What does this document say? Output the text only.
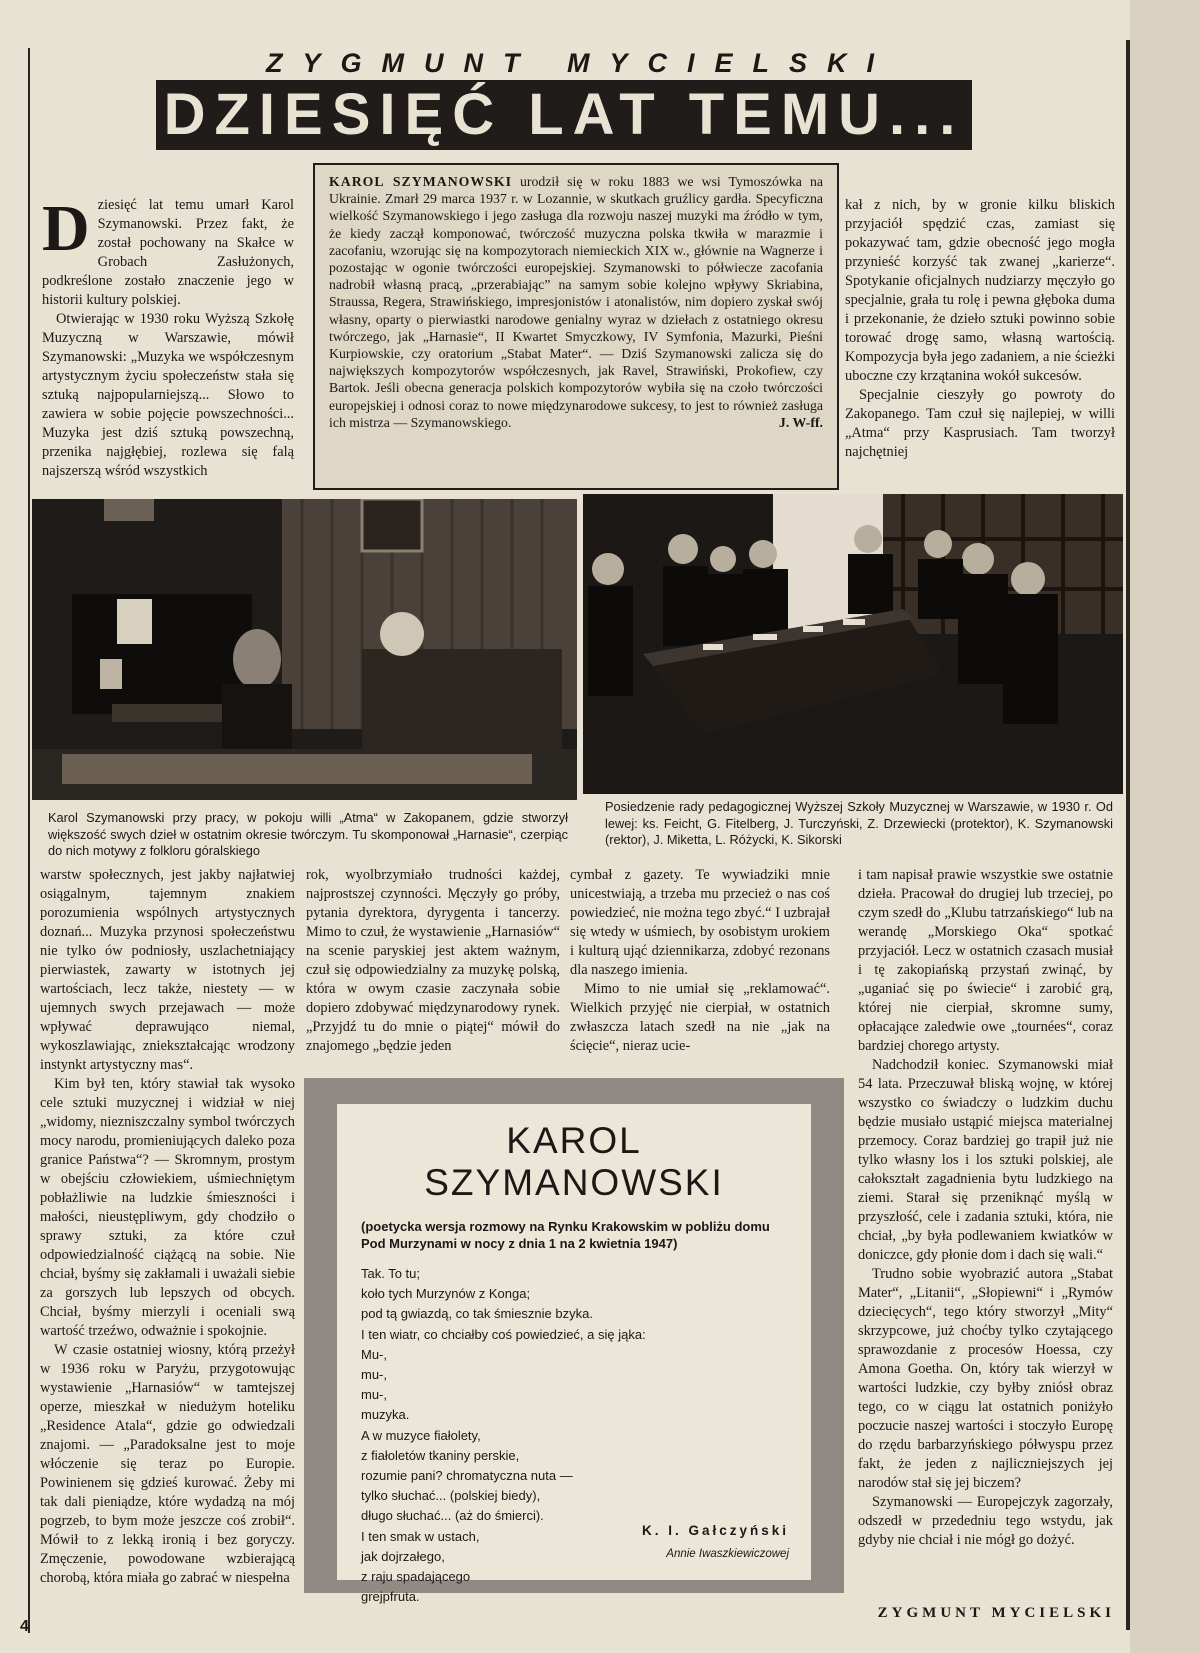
ZYGMUNT MYCIELSKI
DZIESIĘĆ LAT TEMU...

Dziesięć lat temu umarł Karol Szymanowski. Przez fakt, że został pochowany na Skałce w Grobach Zasłużonych, podkreślone zostało znaczenie jego w historii kultury polskiej.

Otwierając w 1930 roku Wyższą Szkołę Muzyczną w Warszawie, mówił Szymanowski: „Muzyka we współczesnym artystycznym życiu społeczeństw stała się sztuką najpopularniejszą... Słowo to zawiera w sobie pojęcie powszechności... Muzyka jest dziś sztuką powszechną, przenika najgłębiej, rozlewa się falą najszerszą wśród wszystkich

KAROL SZYMANOWSKI urodził się w roku 1883 we wsi Tymoszówka na Ukrainie. Zmarł 29 marca 1937 r. w Lozannie, w skutkach gruźlicy gardła. Specyficzna wielkość Szymanowskiego i jego zasługa dla rozwoju naszej muzyki ma źródło w tym, że kiedy zaczął komponować, twórczość muzyczna polska tkwiła w marazmie i zacofaniu, wzorując się na kompozytorach niemieckich XIX w., głównie na Wagnerze i pozostając w ogonie twórczości europejskiej. Szymanowski to półwiecze zacofania nadrobił własną pracą, „przerabiając” na samym sobie kolejno wpływy Skriabina, Straussa, Regera, Strawińskiego, impresjonistów i atonalistów, nim dopiero zyskał swój własny, oparty o pierwiastki narodowe genialny wyraz w dziełach z ostatniego okresu twórczego, jak „Harnasie“, II Kwartet Smyczkowy, IV Symfonia, Mazurki, Pieśni Kurpiowskie, czy oratorium „Stabat Mater“. — Dziś Szymanowski zalicza się do największych kompozytorów współczesnych, jak Ravel, Strawiński, Prokofiew, czy Bartok. Jeśli obecna generacja polskich kompozytorów wybiła się na czoło twórczości europejskiej i odnosi coraz to nowe międzynarodowe sukcesy, to jest to również zasługa ich mistrza — Szymanowskiego.	J. W-ff.

kał z nich, by w gronie kilku bliskich przyjaciół spędzić czas, zamiast się pokazywać tam, gdzie obecność jego mogła przynieść korzyść tak zwanej „karierze“. Spotykanie oficjalnych nudziarzy męczyło go specjalnie, grała tu rolę i pewna głęboka duma i przekonanie, że dzieło sztuki powinno sobie torować drogę samo, własną wartością. Kompozycja była jego zadaniem, a nie ścieżki uboczne czy krzątanina wokół sukcesów.

Specjalnie cieszyły go powroty do Zakopanego. Tam czuł się najlepiej, w willi „Atma“ przy Kasprusiach. Tam tworzył najchętniej

Karol Szymanowski przy pracy, w pokoju willi „Atma“ w Zakopanem, gdzie stworzył większość swych dzieł w ostatnim okresie twórczym. Tu skomponował „Harnasie“, czerpiąc do nich motywy z folkloru góralskiego
Posiedzenie rady pedagogicznej Wyższej Szkoły Muzycznej w Warszawie, w 1930 r. Od lewej: ks. Feicht, G. Fitelberg, J. Turczyński, Z. Drzewiecki (protektor), K. Szymanowski (rektor), J. Miketta, L. Różycki, K. Sikorski

warstw społecznych, jest jakby najłatwiej osiągalnym, tajemnym znakiem porozumienia wspólnych artystycznych doznań... Muzyka przynosi społeczeństwu nie tylko ów podniosły, uszlachetniający pierwiastek, zawarty w istotnych jej wartościach, lecz także, niestety — w ujemnych swych przejawach — może wpływać deprawująco niemal, wykoszlawiając, zniekształcając wrodzony instynkt artystyczny mas“.

Kim był ten, który stawiał tak wysoko cele sztuki muzycznej i widział w niej „widomy, niezniszczalny symbol twórczych mocy narodu, promieniujących daleko poza granice Państwa“? — Skromnym, prostym w obejściu człowiekiem, uśmiechniętym pobłażliwie na ludzkie śmieszności i małości, nieustępliwym, gdy chodziło o sprawy sztuki, za które czuł odpowiedzialność ciążącą na sobie. Nie chciał, byśmy się zakłamali i uważali siebie za gorszych lub lepszych od obcych. Chciał, byśmy mierzyli i oceniali swą wartość trzeźwo, odważnie i spokojnie.

W czasie ostatniej wiosny, którą przeżył w 1936 roku w Paryżu, przygotowując wystawienie „Harnasiów“ w tamtejszej operze, mieszkał w niedużym hoteliku „Residence Atala“, gdzie go odwiedzali znajomi. — „Paradoksalne jest to moje włóczenie się teraz po Europie. Powinienem się gdzieś kurować. Żeby mi tak dali pieniądze, które wydadzą na mój pogrzeb, to bym może jeszcze coś zrobił“. Mówił to z lekką ironią i bez goryczy. Zmęczenie, powodowane wzbierającą chorobą, która miała go zabrać w niespełna

rok, wyolbrzymiało trudności każdej, najprostszej czynności. Męczyły go próby, pytania dyrektora, dyrygenta i tancerzy. Mimo to czuł, że wystawienie „Harnasiów“ na scenie paryskiej jest aktem ważnym, czuł się odpowiedzialny za muzykę polską, która w owym czasie zaczynała sobie dopiero zdobywać międzynarodowy rynek. „Przyjdź tu do mnie o piątej“ mówił do znajomego „będzie jeden

cymbał z gazety. Te wywiadziki mnie unicestwiają, a trzeba mu przecież o nas coś powiedzieć, nie można tego zbyć.“ I uzbrajał się wtedy w uśmiech, by osobistym urokiem i kulturą ująć dziennikarza, zdobyć rezonans dla naszego imienia.

Mimo to nie umiał się „reklamować“. Wielkich przyjęć nie cierpiał, w ostatnich zwłaszcza latach szedł na nie „jak na ścięcie“, nieraz ucie-

i tam napisał prawie wszystkie swe ostatnie dzieła. Pracował do drugiej lub trzeciej, po czym szedł do „Klubu tatrzańskiego“ lub na werandę „Morskiego Oka“ spotkać przyjaciół. Lecz w ostatnich czasach musiał i tę zakopiańską przystań zwinąć, by „uganiać się po świecie“ i zarobić grą, której nie cierpiał, skromne sumy, opłacające zaledwie owe „tournées“, coraz bardziej chorego artysty.

Nadchodził koniec. Szymanowski miał 54 lata. Przeczuwał bliską wojnę, w której wszystko co świadczy o ludzkim duchu będzie musiało ustąpić miejsca materialnej przemocy. Coraz bardziej go trapił już nie tylko własny los i los sztuki polskiej, ale całokształt zagadnienia bytu ludzkiego na ziemi. Starał się przeniknąć myślą w przyszłość, cele i zadania sztuki, która, nie chciał, „by była podlewaniem kwiatków w doniczce, gdy płonie dom i dach się wali.“

Trudno sobie wyobrazić autora „Stabat Mater“, „Litanii“, „Słopiewni“ i „Rymów dziecięcych“, tego który stworzył „Mity“ skrzypcowe, już choćby tylko czytającego sprawozdanie z procesów Hoessa, czy Amona Goetha. On, który tak wierzył w wartości ludzkie, czy byłby zniósł obraz tego, co w ciągu lat ostatnich poniżyło poczucie naszej wartości i stoczyło Europę do rzędu barbarzyńskiego półwyspu przez fakt, że jeden z najliczniejszych jej narodów stał się jej biczem?

Szymanowski — Europejczyk zagorzały, odszedł w przededniu tego wstydu, jak gdyby nie chciał i nie mógł go dożyć.

KAROL SZYMANOWSKI
(poetycka wersja rozmowy na Rynku Krakowskim w pobliżu domu Pod Murzynami w nocy z dnia 1 na 2 kwietnia 1947)
Tak. To tu;
koło tych Murzynów z Konga;
pod tą gwiazdą, co tak śmiesznie bzyka.
I ten wiatr, co chciałby coś powiedzieć, a się jąka:
Mu-,
mu-,
mu-,
muzyka.
A w muzyce fiałolety,
z fiałoletów tkaniny perskie,
rozumie pani? chromatyczna nuta —
tylko słuchać... (polskiej biedy),
długo słuchać... (aż do śmierci).
I ten smak w ustach,
jak dojrzałego,
z raju spadającego
grejpfruta.
K. I. Gałczyński
Annie Iwaszkiewiczowej
ZYGMUNT MYCIELSKI
4
